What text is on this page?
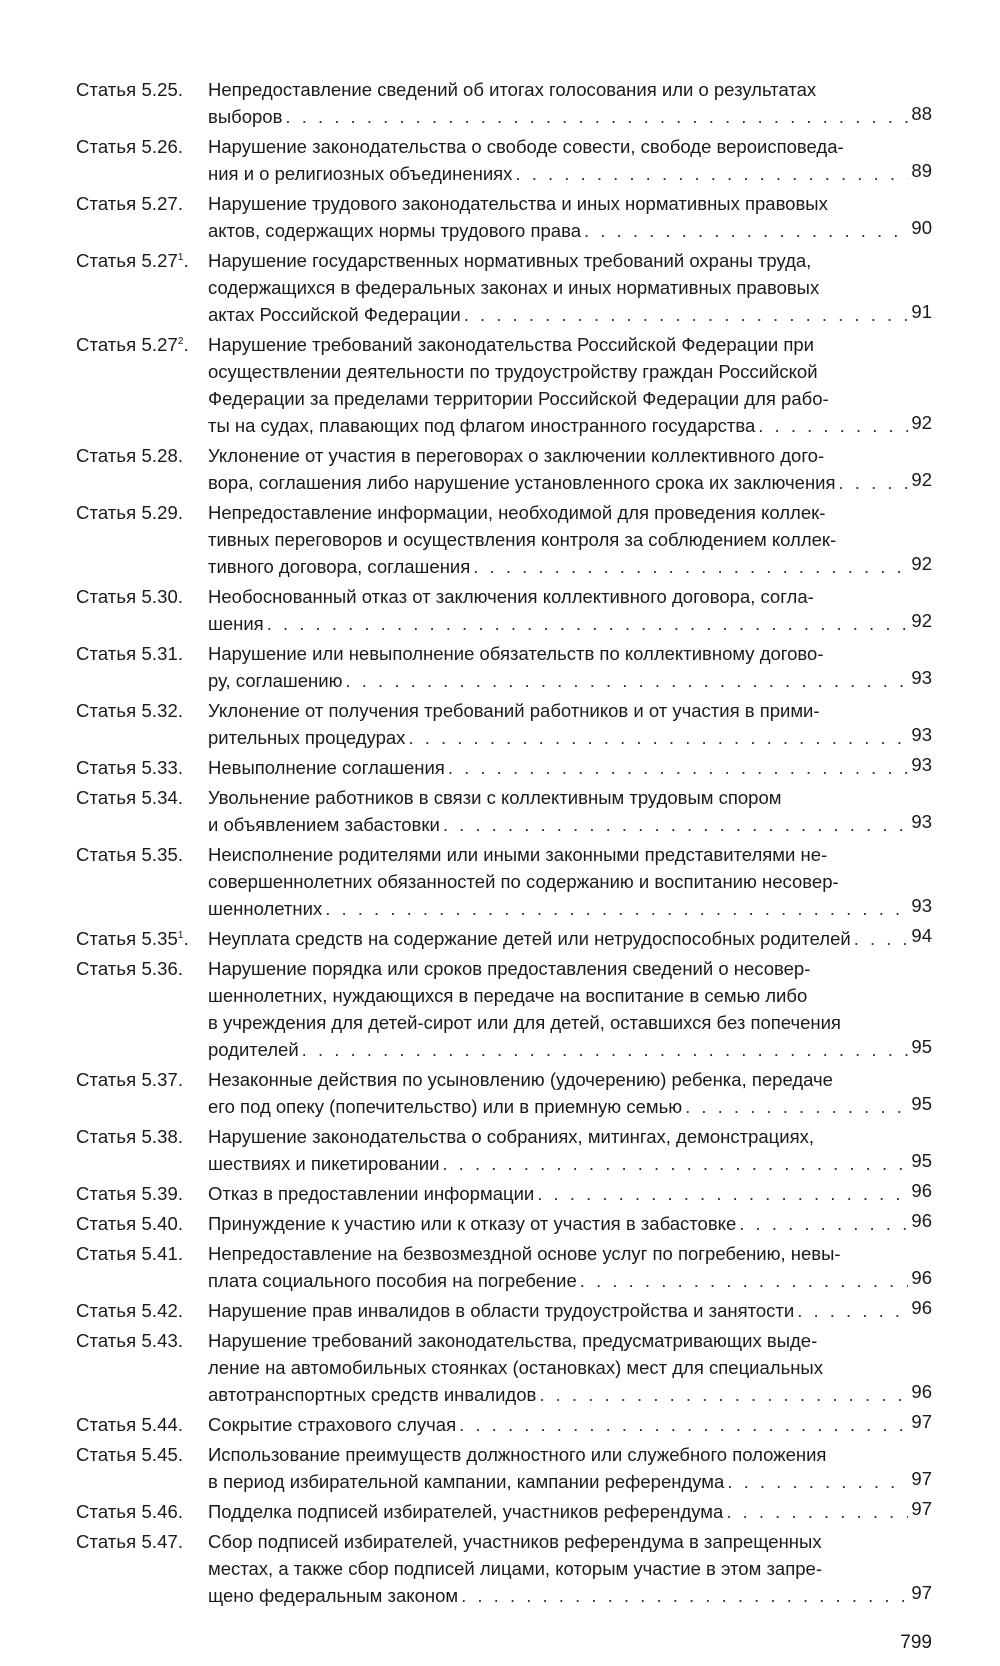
Статья 5.25.	Непредоставление сведений об итогах голосования или о результатах
выборов . . .	88
Статья 5.26.	Нарушение законодательства о свободе совести, свободе вероисповеда-
ния и о религиозных объединениях . . .	89
Статья 5.27.	Нарушение трудового законодательства и иных нормативных правовых
актов, содержащих нормы трудового права . . .	90
Статья 5.27$^1$.	Нарушение государственных нормативных требований охраны труда,
содержащихся в федеральных законах и иных нормативных правовых
актах Российской Федерации . . .	91
Статья 5.27$^2$.	Нарушение требований законодательства Российской Федерации при
осуществлении деятельности по трудоустройству граждан Российской
Федерации за пределами территории Российской Федерации для рабо-
ты на судах, плавающих под флагом иностранного государства . . .	92
Статья 5.28.	Уклонение от участия в переговорах о заключении коллективного дого-
вора, соглашения либо нарушение установленного срока их заключения . . .	92
Статья 5.29.	Непредоставление информации, необходимой для проведения коллек-
тивных переговоров и осуществления контроля за соблюдением коллек-
тивного договора, соглашения . . .	92
Статья 5.30.	Необоснованный отказ от заключения коллективного договора, согла-
шения . . .	92
Статья 5.31.	Нарушение или невыполнение обязательств по коллективному догово-
ру, соглашению . . .	93
Статья 5.32.	Уклонение от получения требований работников и от участия в прими-
рительных процедурах . . .	93
Статья 5.33.	Невыполнение соглашения . . .	93
Статья 5.34.	Увольнение работников в связи с коллективным трудовым спором
и объявлением забастовки . . .	93
Статья 5.35.	Неисполнение родителями или иными законными представителями не-
совершеннолетних обязанностей по содержанию и воспитанию несовер-
шеннолетних . . .	93
Статья 5.35$^1$.	Неуплата средств на содержание детей или нетрудоспособных родителей . . .	94
Статья 5.36.	Нарушение порядка или сроков предоставления сведений о несовер-
шеннолетних, нуждающихся в передаче на воспитание в семью либо
в учреждения для детей-сирот или для детей, оставшихся без попечения
родителей . . .	95
Статья 5.37.	Незаконные действия по усыновлению (удочерению) ребенка, передаче
его под опеку (попечительство) или в приемную семью . . .	95
Статья 5.38.	Нарушение законодательства о собраниях, митингах, демонстрациях,
шествиях и пикетировании . . .	95
Статья 5.39.	Отказ в предоставлении информации . . .	96
Статья 5.40.	Принуждение к участию или к отказу от участия в забастовке . . .	96
Статья 5.41.	Непредоставление на безвозмездной основе услуг по погребению, невы-
плата социального пособия на погребение . . .	96
Статья 5.42.	Нарушение прав инвалидов в области трудоустройства и занятости . . .	96
Статья 5.43.	Нарушение требований законодательства, предусматривающих выде-
ление на автомобильных стоянках (остановках) мест для специальных
автотранспортных средств инвалидов . . .	96
Статья 5.44.	Сокрытие страхового случая . . .	97
Статья 5.45.	Использование преимуществ должностного или служебного положения
в период избирательной кампании, кампании референдума . . .	97
Статья 5.46.	Подделка подписей избирателей, участников референдума . . .	97
Статья 5.47.	Сбор подписей избирателей, участников референдума в запрещенных
местах, а также сбор подписей лицами, которым участие в этом запре-
щено федеральным законом . . .	97
799
